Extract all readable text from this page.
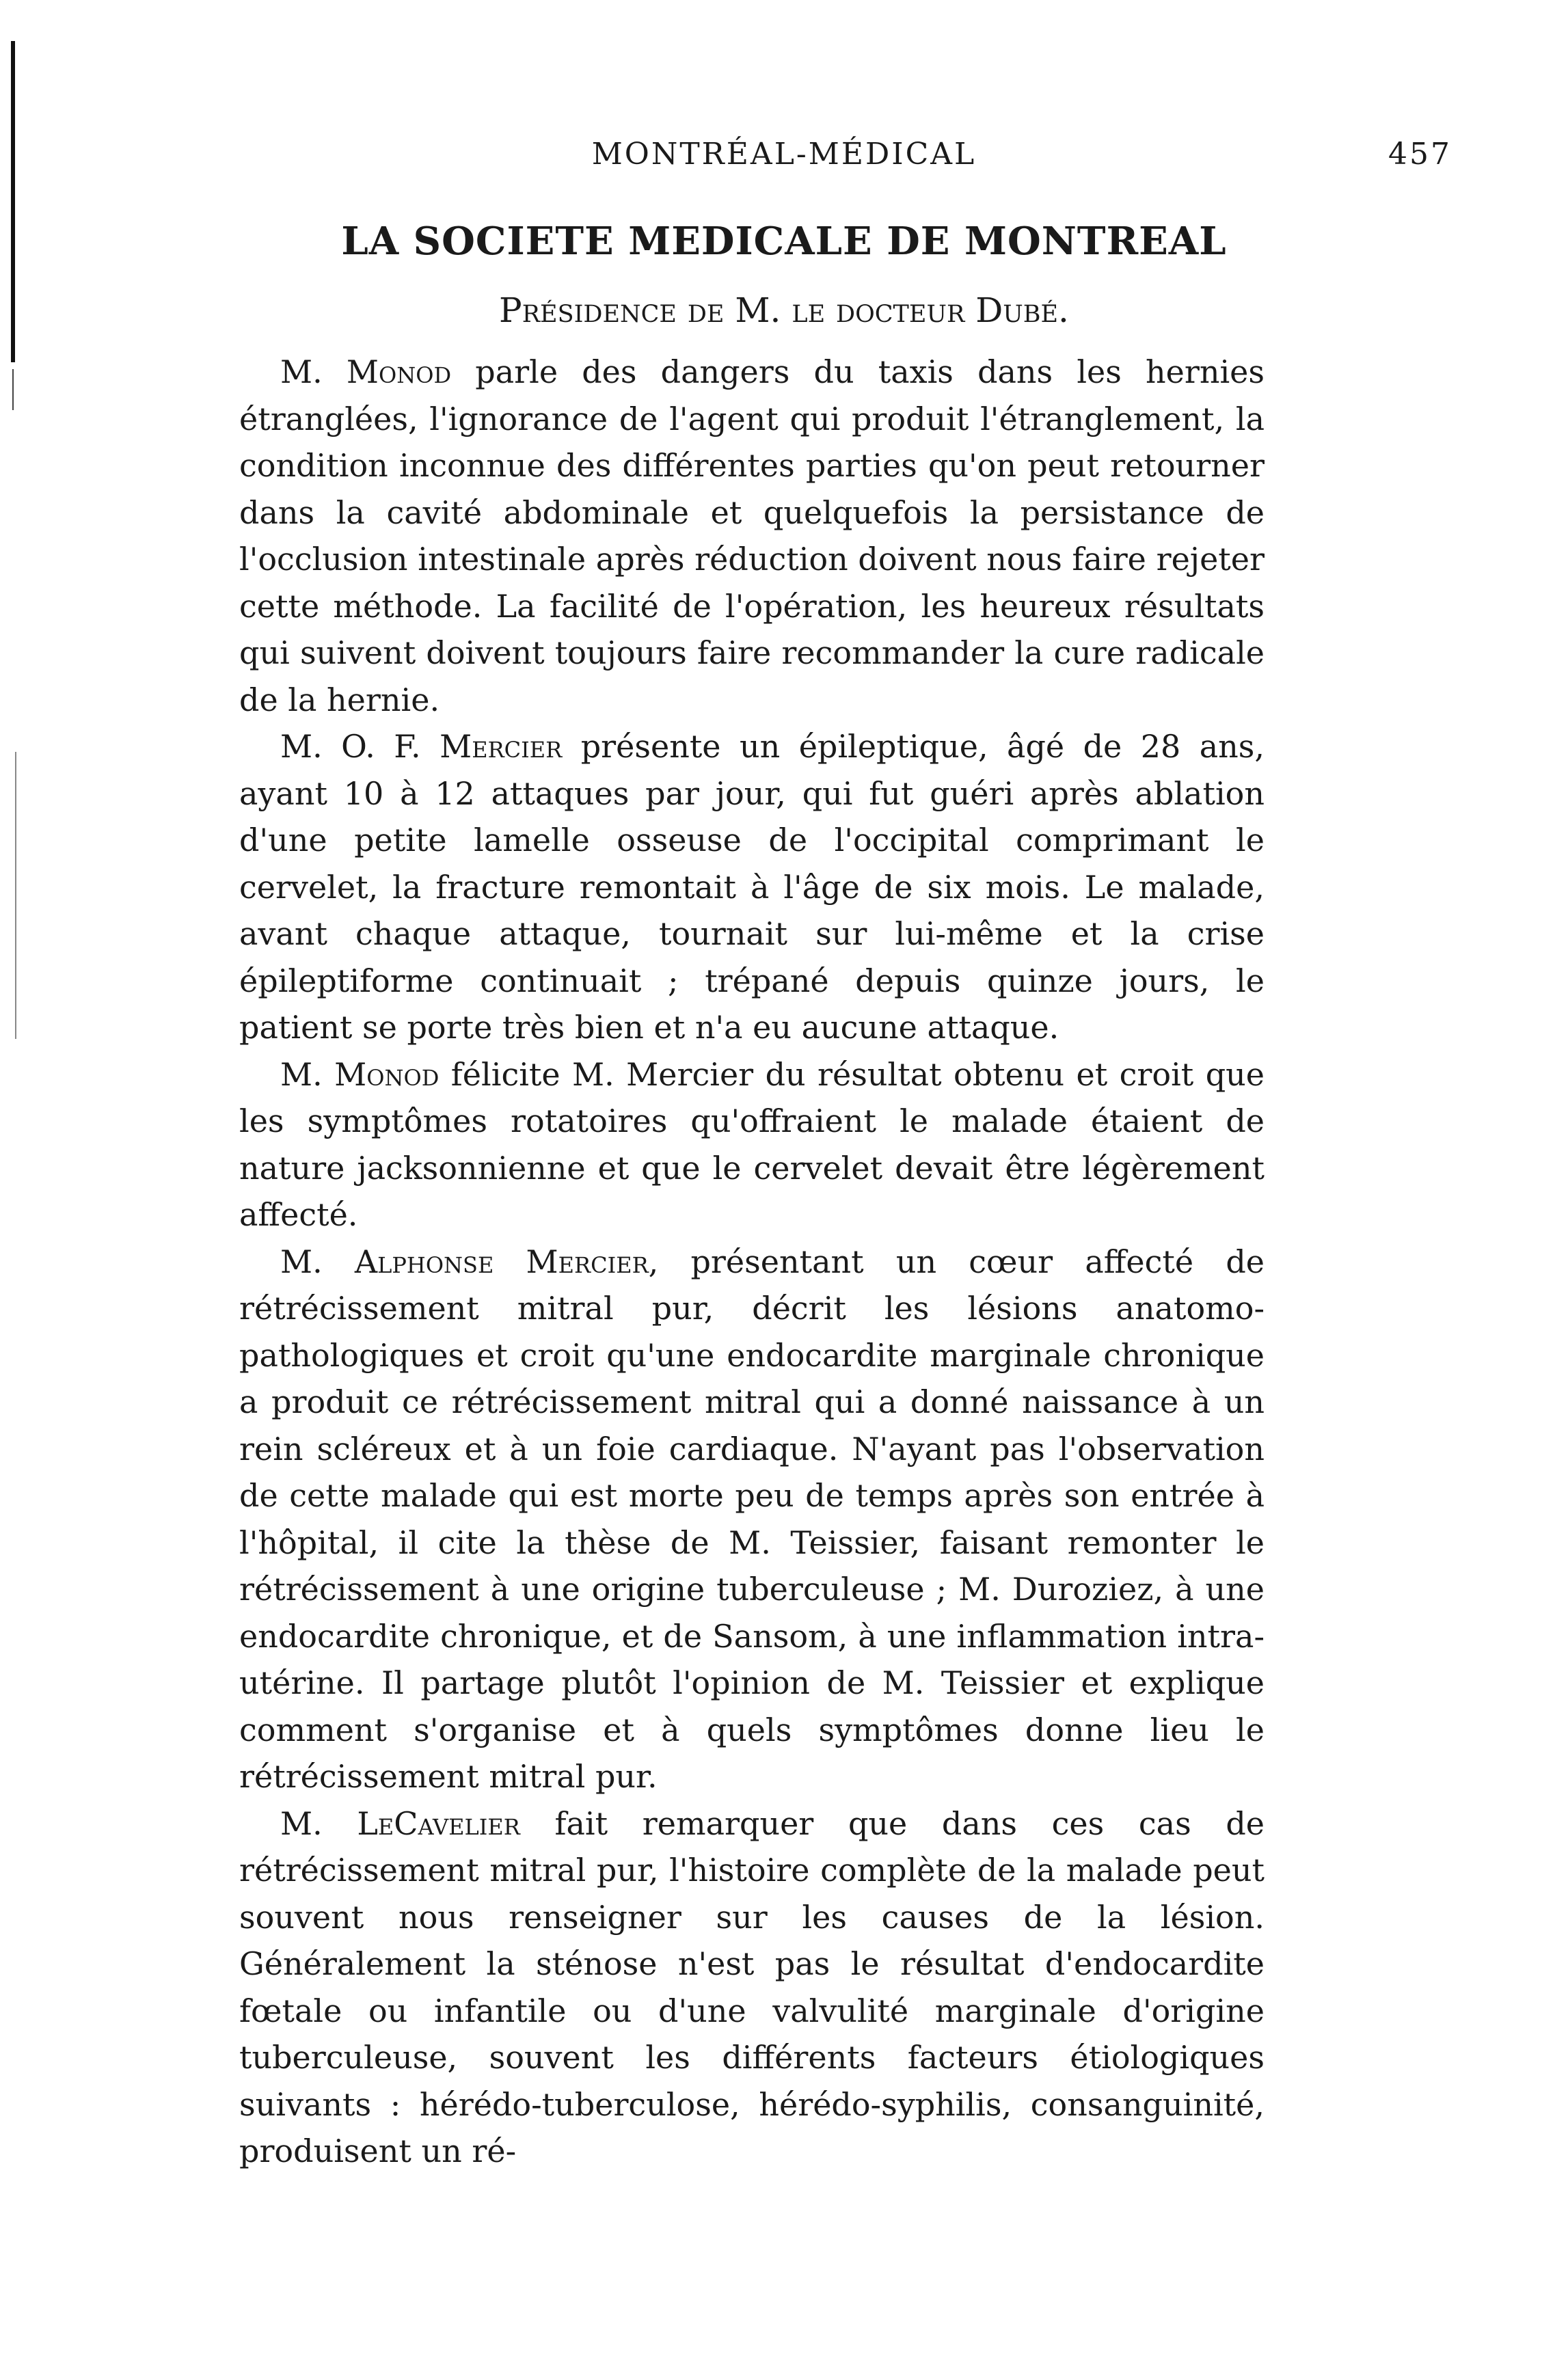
MONTRÉAL-MÉDICAL	457
LA SOCIETE MEDICALE DE MONTREAL
Présidence de M. le docteur Dubé.

M. Monod parle des dangers du taxis dans les hernies étranglées, l'ignorance de l'agent qui produit l'étranglement, la condition inconnue des différentes parties qu'on peut retourner dans la cavité abdominale et quelquefois la persistance de l'occlusion intestinale après réduction doivent nous faire rejeter cette méthode. La facilité de l'opération, les heureux résultats qui suivent doivent toujours faire recommander la cure radicale de la hernie.

M. O. F. Mercier présente un épileptique, âgé de 28 ans, ayant 10 à 12 attaques par jour, qui fut guéri après ablation d'une petite lamelle osseuse de l'occipital comprimant le cervelet, la fracture remontait à l'âge de six mois. Le malade, avant chaque attaque, tournait sur lui-même et la crise épileptiforme continuait ; trépané depuis quinze jours, le patient se porte très bien et n'a eu aucune attaque.

M. Monod félicite M. Mercier du résultat obtenu et croit que les symptômes rotatoires qu'offraient le malade étaient de nature jacksonnienne et que le cervelet devait être légèrement affecté.

M. Alphonse Mercier, présentant un cœur affecté de rétrécissement mitral pur, décrit les lésions anatomo-pathologiques et croit qu'une endocardite marginale chronique a produit ce rétrécissement mitral qui a donné naissance à un rein scléreux et à un foie cardiaque. N'ayant pas l'observation de cette malade qui est morte peu de temps après son entrée à l'hôpital, il cite la thèse de M. Teissier, faisant remonter le rétrécissement à une origine tuberculeuse ; M. Duroziez, à une endocardite chronique, et de Sansom, à une inflammation intra-utérine. Il partage plutôt l'opinion de M. Teissier et explique comment s'organise et à quels symptômes donne lieu le rétrécissement mitral pur.

M. LeCavelier fait remarquer que dans ces cas de rétrécissement mitral pur, l'histoire complète de la malade peut souvent nous renseigner sur les causes de la lésion. Généralement la sténose n'est pas le résultat d'endocardite fœtale ou infantile ou d'une valvulité marginale d'origine tuberculeuse, souvent les différents facteurs étiologiques suivants : hérédo-tuberculose, hérédo-syphilis, consanguinité, produisent un ré-
